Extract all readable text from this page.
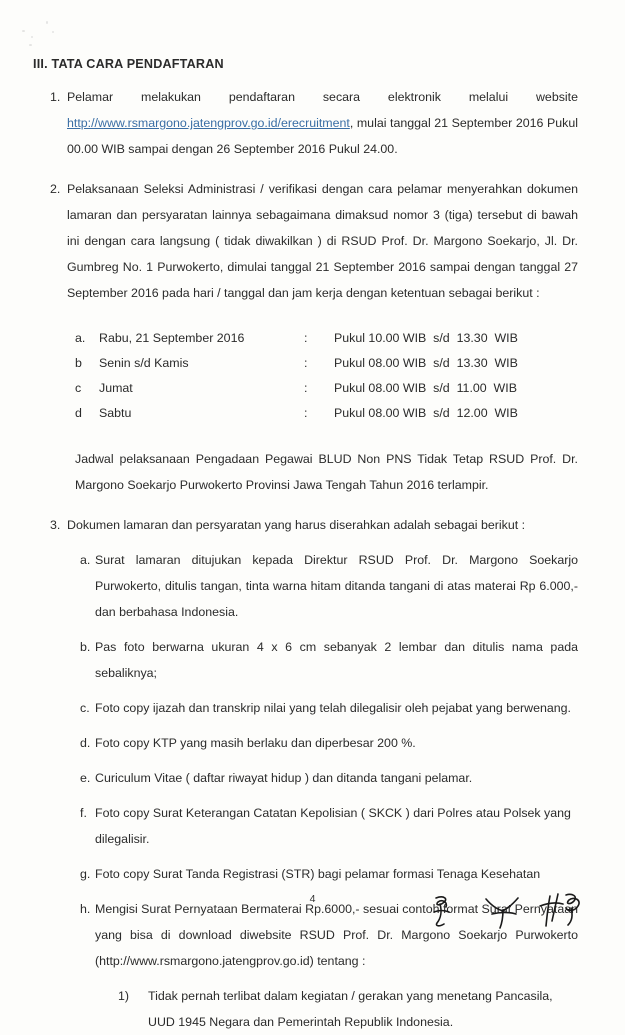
III. TATA CARA PENDAFTARAN
1. Pelamar melakukan pendaftaran secara elektronik melalui website http://www.rsmargono.jatengprov.go.id/erecruitment, mulai tanggal 21 September 2016 Pukul 00.00 WIB sampai dengan 26 September 2016 Pukul 24.00.
2. Pelaksanaan Seleksi Administrasi / verifikasi dengan cara pelamar menyerahkan dokumen lamaran dan persyaratan lainnya sebagaimana dimaksud nomor 3 (tiga) tersebut di bawah ini dengan cara langsung ( tidak diwakilkan ) di RSUD Prof. Dr. Margono Soekarjo, Jl. Dr. Gumbreg No. 1 Purwokerto, dimulai tanggal 21 September 2016 sampai dengan tanggal 27 September 2016 pada hari / tanggal dan jam kerja dengan ketentuan sebagai berikut :
a.	Rabu, 21 September 2016	:	Pukul 10.00 WIB  s/d  13.30  WIB
b	Senin s/d Kamis	:	Pukul 08.00 WIB  s/d  13.30  WIB
c	Jumat	:	Pukul 08.00 WIB  s/d  11.00  WIB
d	Sabtu	:	Pukul 08.00 WIB  s/d  12.00  WIB
Jadwal pelaksanaan Pengadaan Pegawai BLUD Non PNS Tidak Tetap RSUD Prof. Dr. Margono Soekarjo Purwokerto Provinsi Jawa Tengah Tahun 2016 terlampir.
3. Dokumen lamaran dan persyaratan yang harus diserahkan adalah sebagai berikut :
a. Surat lamaran ditujukan kepada Direktur RSUD Prof. Dr. Margono Soekarjo Purwokerto, ditulis tangan, tinta warna hitam ditanda tangani di atas materai Rp 6.000,- dan berbahasa Indonesia.
b. Pas foto berwarna ukuran 4 x 6 cm sebanyak 2 lembar dan ditulis nama pada sebaliknya;
c. Foto copy ijazah dan transkrip nilai yang telah dilegalisir oleh pejabat yang berwenang.
d. Foto copy KTP yang masih berlaku dan diperbesar 200 %.
e. Curiculum Vitae ( daftar riwayat hidup ) dan ditanda tangani pelamar.
f. Foto copy Surat Keterangan Catatan Kepolisian ( SKCK ) dari Polres atau Polsek yang dilegalisir.
g. Foto copy Surat Tanda Registrasi (STR) bagi pelamar formasi Tenaga Kesehatan
h. Mengisi Surat Pernyataan Bermaterai Rp.6000,- sesuai contoh format Surat Pernyataan yang bisa di download diwebsite RSUD Prof. Dr. Margono Soekarjo Purwokerto (http://www.rsmargono.jatengprov.go.id) tentang :
1)	Tidak pernah terlibat dalam kegiatan / gerakan yang menetang Pancasila, UUD 1945 Negara dan Pemerintah Republik Indonesia.
4
